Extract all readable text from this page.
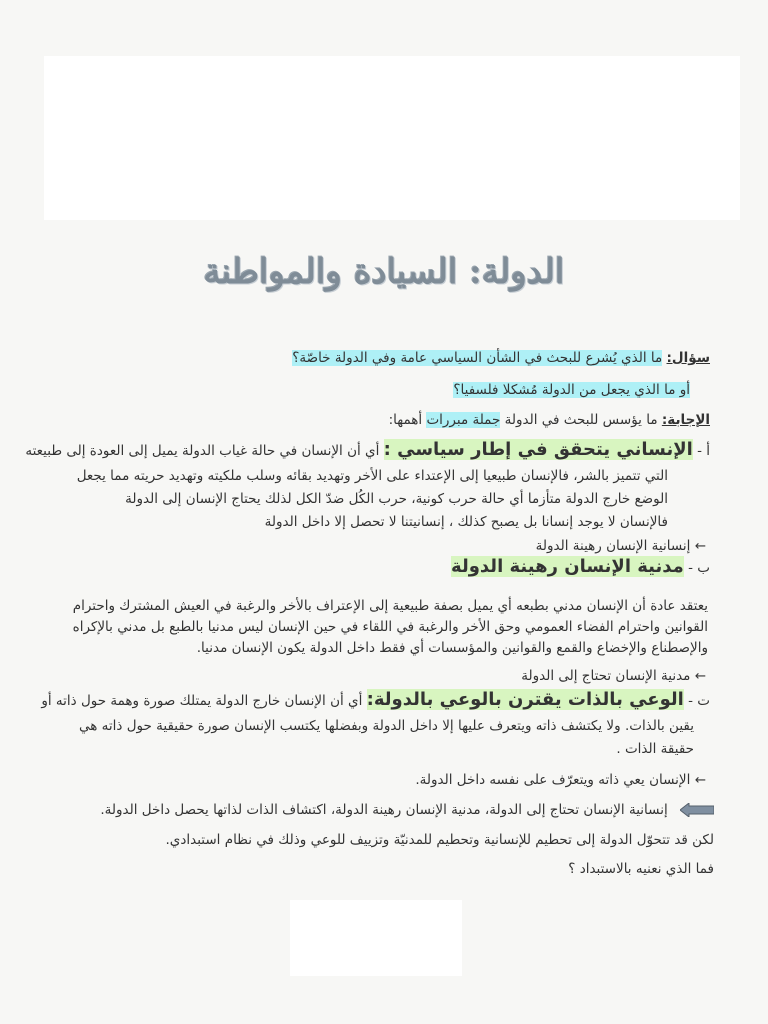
الدولة: السيادة والمواطنة
سؤال: ما الذي يُشرع للبحث في الشأن السياسي عامة وفي الدولة خاصّة؟
أو ما الذي يجعل من الدولة مُشكلا فلسفيا؟
الإجابة: ما يؤسس للبحث في الدولة جملة مبررات أهمها:
أ - الإنساني يتحقق في إطار سياسي : أي أن الإنسان في حالة غياب الدولة يميل إلى العودة إلى طبيعته
التي تتميز بالشر، فالإنسان طبيعيا إلى الإعتداء على الأخر وتهديد بقائه وسلب ملكيته وتهديد حريته مما يجعل
الوضع خارج الدولة متأزما أي حالة حرب كونية، حرب الكُل ضدّ الكل لذلك يحتاج الإنسان إلى الدولة
فالإنسان لا يوجد إنسانا بل يصبح كذلك ، إنسانيتنا لا تحصل إلا داخل الدولة
← إنسانية الإنسان رهينة الدولة
ب - مدنية الإنسان رهينة الدولة
يعتقد عادة أن الإنسان مدني بطبعه أي يميل بصفة طبيعية إلى الإعتراف بالأخر والرغبة في العيش المشترك واحترام
القوانين واحترام الفضاء العمومي وحق الأخر والرغبة في اللقاء في حين الإنسان ليس مدنيا بالطبع بل مدني بالإكراه
والإصطناع والإخضاع والقمع والقوانين والمؤسسات أي فقط داخل الدولة يكون الإنسان مدنيا.
← مدنية الإنسان تحتاج إلى الدولة
ت - الوعي بالذات يقترن بالوعي بالدولة: أي أن الإنسان خارج الدولة يمتلك صورة وهمة حول ذاته أو
يقين بالذات. ولا يكتشف ذاته ويتعرف عليها إلا داخل الدولة وبفضلها يكتسب الإنسان صورة حقيقية حول ذاته هي
حقيقة الذات .
← الإنسان يعي ذاته ويتعرّف على نفسه داخل الدولة.
إنسانية الإنسان تحتاج إلى الدولة، مدنية الإنسان رهينة الدولة، اكتشاف الذات لذاتها يحصل داخل الدولة.
لكن قد تتحوّل الدولة إلى تحطيم للإنسانية وتحطيم للمدنيّة وتزييف للوعي وذلك في نظام استبدادي.
فما الذي نعنيه بالاستبداد ؟
